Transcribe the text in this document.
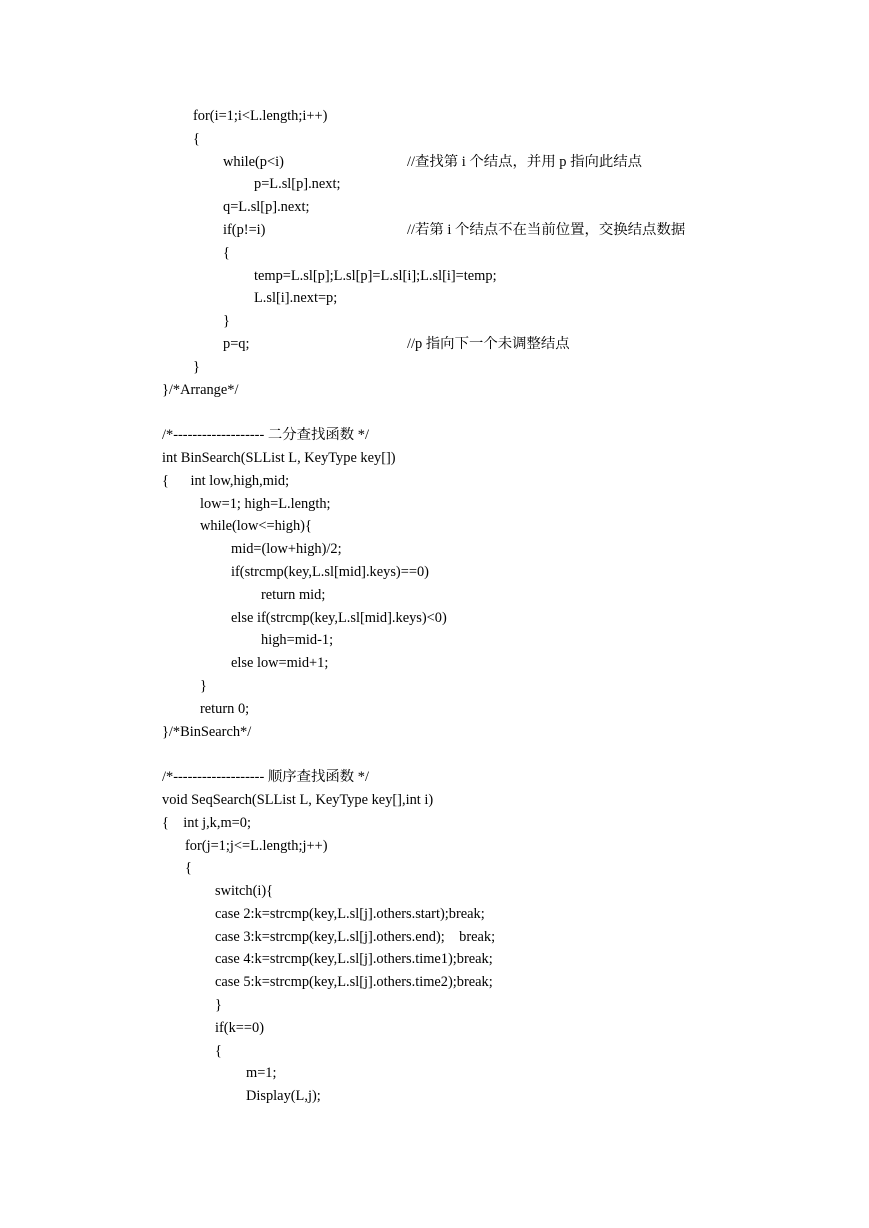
for(i=1;i<L.length;i++)
{
while(p<i)	//查找第 i 个结点，并用 p 指向此结点
p=L.sl[p].next;
q=L.sl[p].next;
if(p!=i)	//若第 i 个结点不在当前位置，交换结点数据
{
temp=L.sl[p];L.sl[p]=L.sl[i];L.sl[i]=temp;
L.sl[i].next=p;
}
p=q;	//p 指向下一个未调整结点
}
}/*Arrange*/
/*------------------- 二分查找函数 */
int BinSearch(SLList L, KeyType key[])
{      int low,high,mid;
low=1; high=L.length;
while(low<=high){
mid=(low+high)/2;
if(strcmp(key,L.sl[mid].keys)==0)
return mid;
else if(strcmp(key,L.sl[mid].keys)<0)
high=mid-1;
else low=mid+1;
}
return 0;
}/*BinSearch*/
/*------------------- 顺序查找函数 */
void SeqSearch(SLList L, KeyType key[],int i)
{    int j,k,m=0;
for(j=1;j<=L.length;j++)
{
switch(i){
case 2:k=strcmp(key,L.sl[j].others.start);break;
case 3:k=strcmp(key,L.sl[j].others.end);    break;
case 4:k=strcmp(key,L.sl[j].others.time1);break;
case 5:k=strcmp(key,L.sl[j].others.time2);break;
}
if(k==0)
{
m=1;
Display(L,j);
